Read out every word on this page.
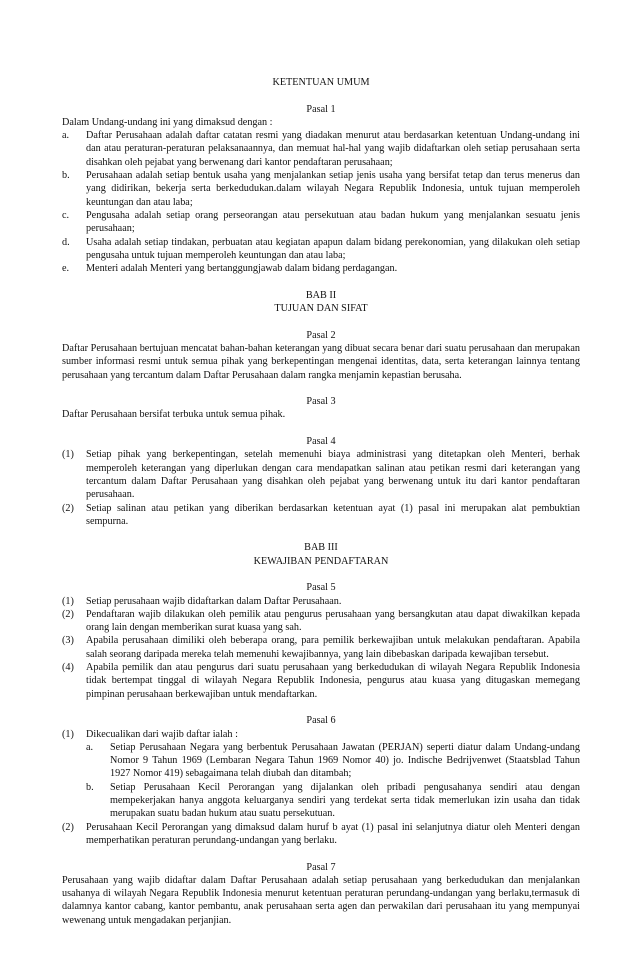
KETENTUAN UMUM
Pasal 1
Dalam Undang-undang ini yang dimaksud dengan :
a.	Daftar Perusahaan adalah daftar catatan resmi yang diadakan menurut atau berdasarkan ketentuan Undang-undang ini dan atau peraturan-peraturan pelaksanaannya, dan memuat hal-hal yang wajib didaftarkan oleh setiap perusahaan serta disahkan oleh pejabat yang berwenang dari kantor pendaftaran perusahaan;
b.	Perusahaan adalah setiap bentuk usaha yang menjalankan setiap jenis usaha yang bersifat tetap dan terus menerus dan yang didirikan, bekerja serta berkedudukan.dalam wilayah Negara Republik Indonesia, untuk tujuan memperoleh keuntungan dan atau laba;
c.	Pengusaha adalah setiap orang perseorangan atau persekutuan atau badan hukum yang menjalankan sesuatu jenis perusahaan;
d.	Usaha adalah setiap tindakan, perbuatan atau kegiatan apapun dalam bidang perekonomian, yang dilakukan oleh setiap pengusaha untuk tujuan memperoleh keuntungan dan atau laba;
e.	Menteri adalah Menteri yang bertanggungjawab dalam bidang perdagangan.
BAB II
TUJUAN DAN SIFAT
Pasal 2
Daftar Perusahaan bertujuan mencatat bahan-bahan keterangan yang dibuat secara benar dari suatu perusahaan dan merupakan sumber informasi resmi untuk semua pihak yang berkepentingan mengenai identitas, data, serta keterangan lainnya tentang perusahaan yang tercantum dalam Daftar Perusahaan dalam rangka menjamin kepastian berusaha.
Pasal 3
Daftar Perusahaan bersifat terbuka untuk semua pihak.
Pasal 4
(1)	Setiap pihak yang berkepentingan, setelah memenuhi biaya administrasi yang ditetapkan oleh Menteri, berhak memperoleh keterangan yang diperlukan dengan cara mendapatkan salinan atau petikan resmi dari keterangan yang tercantum dalam Daftar Perusahaan yang disahkan oleh pejabat yang berwenang untuk itu dari kantor pendaftaran perusahaan.
(2)	Setiap salinan atau petikan yang diberikan berdasarkan ketentuan ayat (1) pasal ini merupakan alat pembuktian sempurna.
BAB III
KEWAJIBAN PENDAFTARAN
Pasal 5
(1)	Setiap perusahaan wajib didaftarkan dalam Daftar Perusahaan.
(2)	Pendaftaran wajib dilakukan oleh pemilik atau pengurus perusahaan yang bersangkutan atau dapat diwakilkan kepada orang lain dengan memberikan surat kuasa yang sah.
(3)	Apabila perusahaan dimiliki oleh beberapa orang, para pemilik berkewajiban untuk melakukan pendaftaran. Apabila salah seorang daripada mereka telah memenuhi kewajibannya, yang lain dibebaskan daripada kewajiban tersebut.
(4)	Apabila pemilik dan atau pengurus dari suatu perusahaan yang berkedudukan di wilayah Negara Republik Indonesia tidak bertempat tinggal di wilayah Negara Republik Indonesia, pengurus atau kuasa yang ditugaskan memegang pimpinan perusahaan berkewajiban untuk mendaftarkan.
Pasal 6
(1)	Dikecualikan dari wajib daftar ialah :
a.	Setiap Perusahaan Negara yang berbentuk Perusahaan Jawatan (PERJAN) seperti diatur dalam Undang-undang Nomor 9 Tahun 1969 (Lembaran Negara Tahun 1969 Nomor 40) jo. Indische Bedrijvenwet (Staatsblad Tahun 1927 Nomor 419) sebagaimana telah diubah dan ditambah;
b.	Setiap Perusahaan Kecil Perorangan yang dijalankan oleh pribadi pengusahanya sendiri atau dengan mempekerjakan hanya anggota keluarganya sendiri yang terdekat serta tidak memerlukan izin usaha dan tidak merupakan suatu badan hukum atau suatu persekutuan.
(2)	Perusahaan Kecil Perorangan yang dimaksud dalam huruf b ayat (1) pasal ini selanjutnya diatur oleh Menteri dengan memperhatikan peraturan perundang-undangan yang berlaku.
Pasal 7
Perusahaan yang wajib didaftar dalam Daftar Perusahaan adalah setiap perusahaan yang berkedudukan dan menjalankan usahanya di wilayah Negara Republik Indonesia menurut ketentuan peraturan perundang-undangan yang berlaku,termasuk di dalamnya kantor cabang, kantor pembantu, anak perusahaan serta agen dan perwakilan dari perusahaan itu yang mempunyai wewenang untuk mengadakan perjanjian.
